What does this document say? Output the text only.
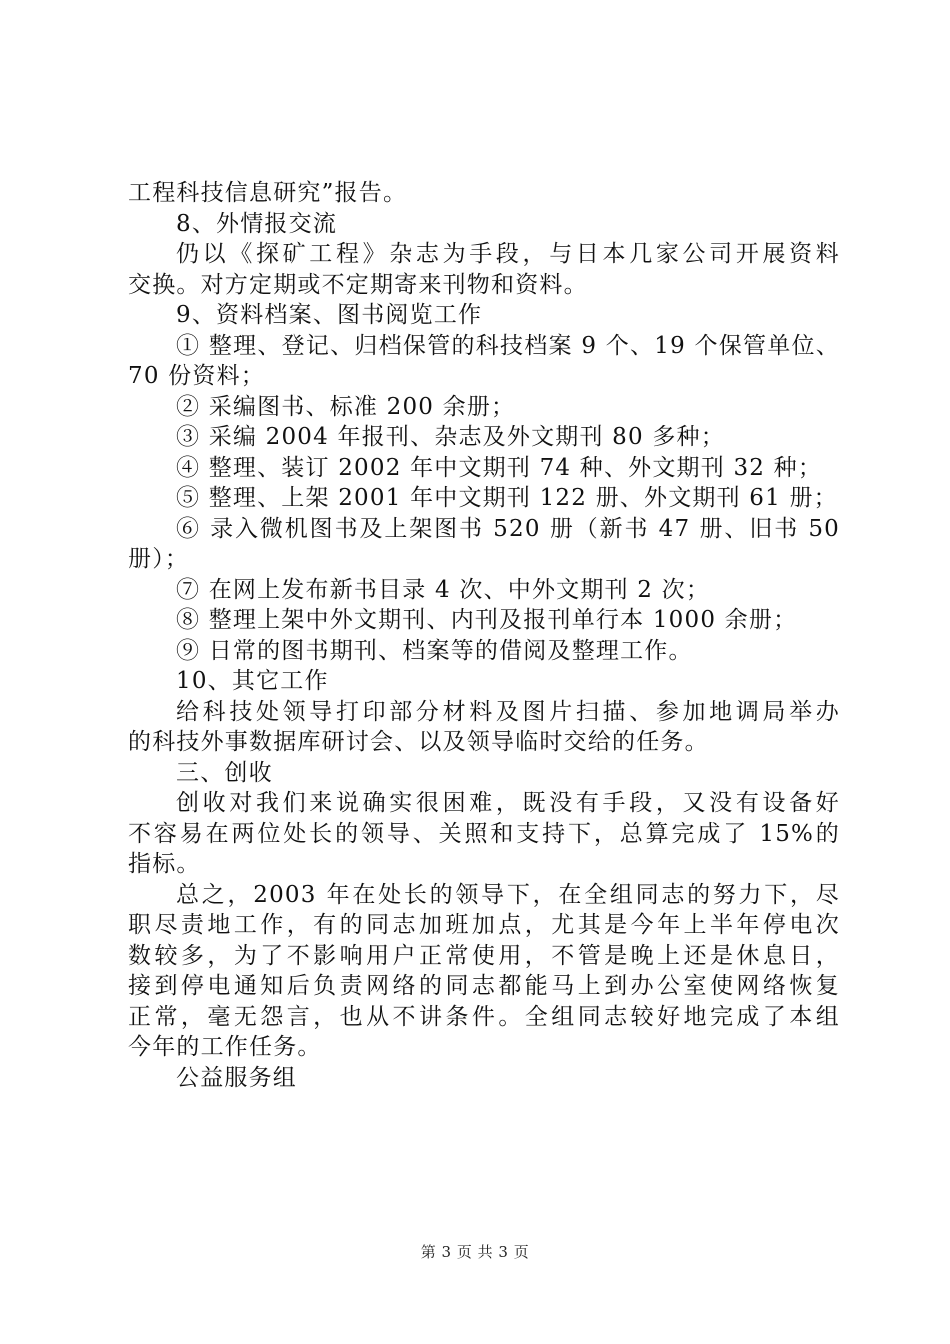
工程科技信息研究”报告。
8、外情报交流
仍以《探矿工程》杂志为手段，与日本几家公司开展资料
交换。对方定期或不定期寄来刊物和资料。
9、资料档案、图书阅览工作
① 整理、登记、归档保管的科技档案 9 个、19 个保管单位、
70 份资料；
② 采编图书、标准 200 余册；
③ 采编 2004 年报刊、杂志及外文期刊 80 多种；
④ 整理、装订 2002 年中文期刊 74 种、外文期刊 32 种；
⑤ 整理、上架 2001 年中文期刊 122 册、外文期刊 61 册；
⑥ 录入微机图书及上架图书 520 册（新书 47 册、旧书 50
册）；
⑦ 在网上发布新书目录 4 次、中外文期刊 2 次；
⑧ 整理上架中外文期刊、内刊及报刊单行本 1000 余册；
⑨ 日常的图书期刊、档案等的借阅及整理工作。
10、其它工作
给科技处领导打印部分材料及图片扫描、参加地调局举办
的科技外事数据库研讨会、以及领导临时交给的任务。
三、创收
创收对我们来说确实很困难，既没有手段，又没有设备好
不容易在两位处长的领导、关照和支持下，总算完成了 15%的
指标。
总之，2003 年在处长的领导下，在全组同志的努力下，尽
职尽责地工作，有的同志加班加点，尤其是今年上半年停电次
数较多，为了不影响用户正常使用，不管是晚上还是休息日，
接到停电通知后负责网络的同志都能马上到办公室使网络恢复
正常，毫无怨言，也从不讲条件。全组同志较好地完成了本组
今年的工作任务。
公益服务组
第 3 页 共 3 页
